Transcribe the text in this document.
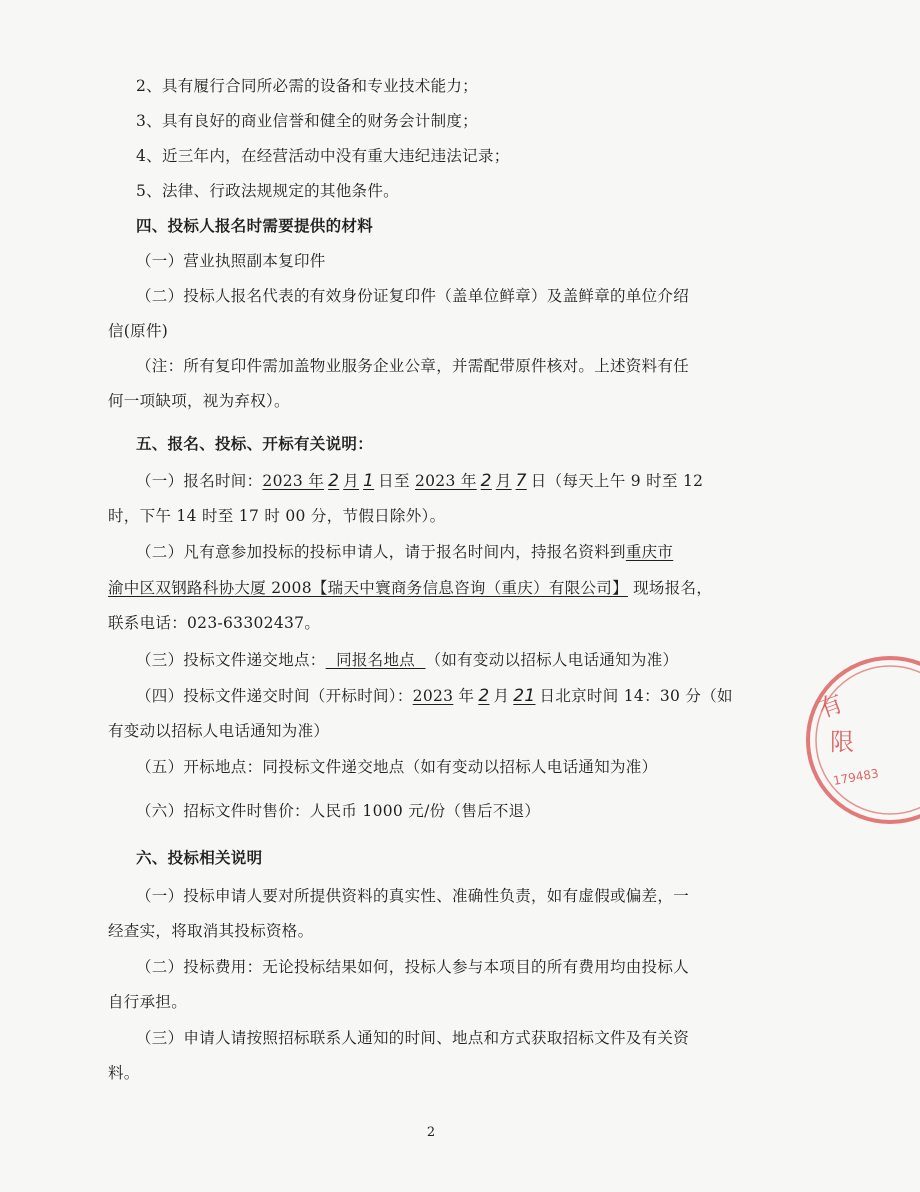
2、具有履行合同所必需的设备和专业技术能力；
3、具有良好的商业信誉和健全的财务会计制度；
4、近三年内，在经营活动中没有重大违纪违法记录；
5、法律、行政法规规定的其他条件。
四、投标人报名时需要提供的材料
（一）营业执照副本复印件
（二）投标人报名代表的有效身份证复印件（盖单位鲜章）及盖鲜章的单位介绍
信(原件)
（注：所有复印件需加盖物业服务企业公章，并需配带原件核对。上述资料有任
何一项缺项，视为弃权）。
五、报名、投标、开标有关说明：
（一）报名时间：2023 年 2 月 1 日至 2023 年 2 月 7 日（每天上午 9 时至 12
时，下午 14 时至 17 时 00 分，节假日除外）。
（二）凡有意参加投标的投标申请人，请于报名时间内，持报名资料到重庆市
渝中区双钢路科协大厦 2008【瑞天中寰商务信息咨询（重庆）有限公司】 现场报名，
联系电话：023-63302437。
（三）投标文件递交地点：  同报名地点  （如有变动以招标人电话通知为准）
（四）投标文件递交时间（开标时间）：2023 年 2 月 21 日北京时间 14：30 分（如
有变动以招标人电话通知为准）
（五）开标地点：同投标文件递交地点（如有变动以招标人电话通知为准）
（六）招标文件时售价：人民币 1000 元/份（售后不退）
六、投标相关说明
（一）投标申请人要对所提供资料的真实性、准确性负责，如有虚假或偏差，一
经查实，将取消其投标资格。
（二）投标费用：无论投标结果如何，投标人参与本项目的所有费用均由投标人
自行承担。
（三）申请人请按照招标联系人通知的时间、地点和方式获取招标文件及有关资
料。
2
有
限
179483
